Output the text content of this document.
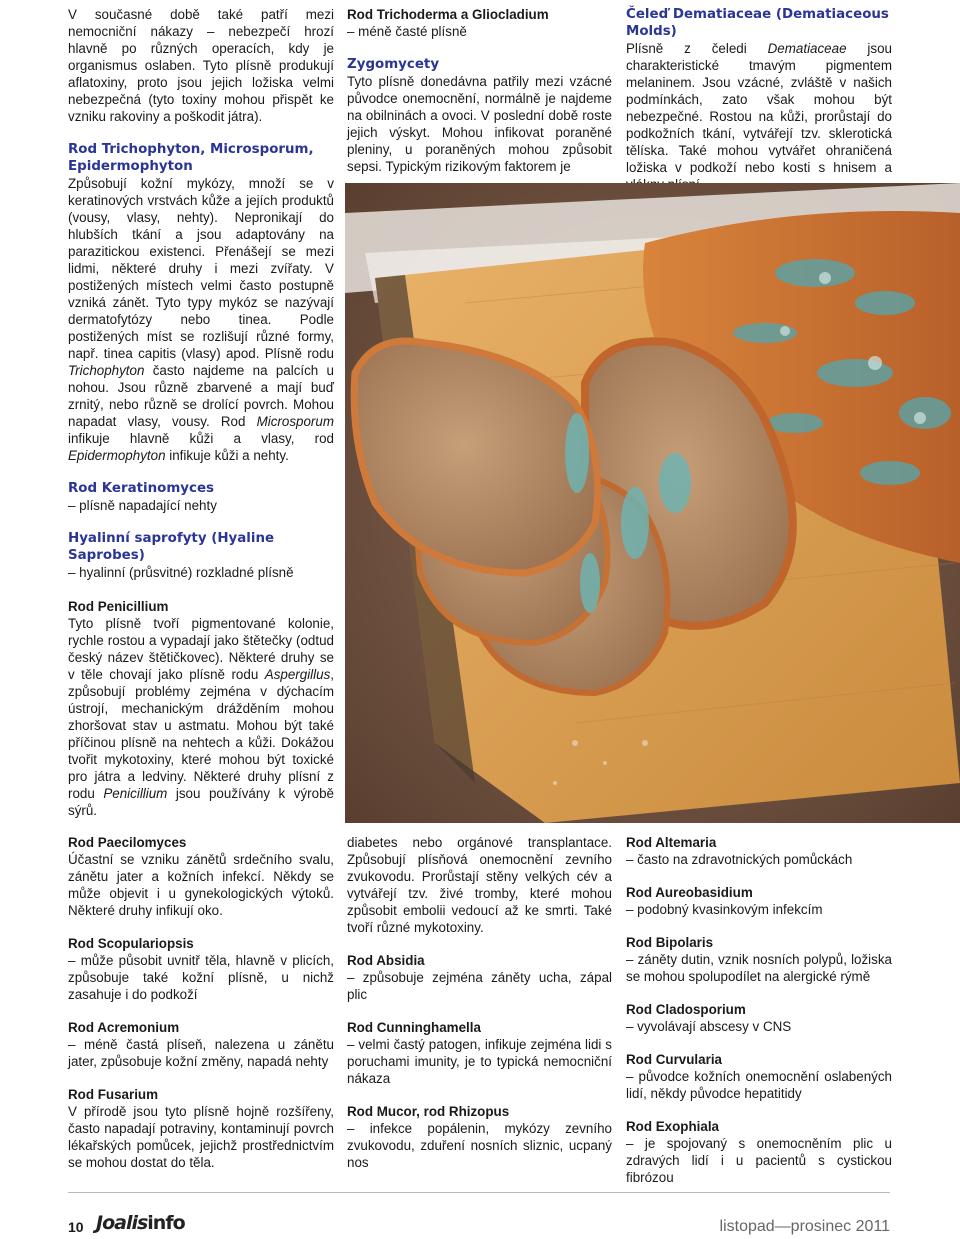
V současné době také patří mezi nemocniční nákazy – nebezpečí hrozí hlavně po různých operacích, kdy je organismus oslaben. Tyto plísně produkují aflatoxiny, proto jsou jejich ložiska velmi nebezpečná (tyto toxiny mohou přispět ke vzniku rakoviny a poškodit játra).

Rod Trichophyton, Microsporum, Epidermophyton

Způsobují kožní mykózy, množí se v keratinových vrstvách kůže a jejích produktů (vousy, vlasy, nehty). Nepronikají do hlubších tkání a jsou adaptovány na parazitickou existenci. Přenášejí se mezi lidmi, některé druhy i mezi zvířaty. V postižených místech velmi často postupně vzniká zánět. Tyto typy mykóz se nazývají dermatofytózy nebo tinea. Podle postižených míst se rozlišují různé formy, např. tinea capitis (vlasy) apod. Plísně rodu Trichophyton často najdeme na palcích u nohou. Jsou různě zbarvené a mají buď zrnitý, nebo různě se drolící povrch. Mohou napadat vlasy, vousy. Rod Microsporum infikuje hlavně kůži a vlasy, rod Epidermophyton infikuje kůži a nehty.

Rod Keratinomyces

– plísně napadající nehty

Hyalinní saprofyty (Hyaline Saprobes)

– hyalinní (průsvitné) rozkladné plísně

Rod Penicillium

Tyto plísně tvoří pigmentované kolonie, rychle rostou a vypadají jako štětečky (odtud český název štětičkovec). Některé druhy se v těle chovají jako plísně rodu Aspergillus, způsobují problémy zejména v dýchacím ústrojí, mechanickým drážděním mohou zhoršovat stav u astmatu. Mohou být také příčinou plísně na nehtech a kůži. Dokážou tvořit mykotoxiny, které mohou být toxické pro játra a ledviny. Některé druhy plísní z rodu Penicillium jsou používány k výrobě sýrů.

Rod Trichoderma a Gliocladium

– méně časté plísně

Zygomycety

Tyto plísně donedávna patřily mezi vzácné původce onemocnění, normálně je najdeme na obilninách a ovoci. V poslední době roste jejich výskyt. Mohou infikovat poraněné pleniny, u poraněných mohou způsobit sepsi. Typickým rizikovým faktorem je

Čeleď Dematiaceae (Dematiaceous Molds)

Plísně z čeledi Dematiaceae jsou charakteristické tmavým pigmentem melaninem. Jsou vzácné, zvláště v našich podmínkách, zato však mohou být nebezpečné. Rostou na kůži, prorůstají do podkožních tkání, vytvářejí tzv. sklerotická tělíska. Také mohou vytvářet ohraničená ložiska v podkoží nebo kosti s hnisem a

Rod Paecilomyces

Účastní se vzniku zánětů srdečního svalu, zánětu jater a kožních infekcí. Někdy se může objevit i u gynekologických výtoků. Některé druhy infikují oko.

Rod Scopulariopsis

– může působit uvnitř těla, hlavně v plicích, způsobuje také kožní plísně, u nichž zasahuje i do podkoží

Rod Acremonium

– méně častá plíseň, nalezena u zánětu jater, způsobuje kožní změny, napadá nehty

Rod Fusarium

V přírodě jsou tyto plísně hojně rozšířeny, často napadají potraviny, kontaminují povrch lékařských pomůcek, jejichž prostřednictvím se mohou dostat do těla.

diabetes nebo orgánové transplantace. Způsobují plísňová onemocnění zevního zvukovodu. Prorůstají stěny velkých cév a vytvářejí tzv. živé tromby, které mohou způsobit embolii vedoucí až ke smrti. Také tvoří různé mykotoxiny.

Rod Absidia

– způsobuje zejména záněty ucha, zápal plic

Rod Cunninghamella

– velmi častý patogen, infikuje zejména lidi s poruchami imunity, je to typická nemocniční nákaza

Rod Mucor, rod Rhizopus

– infekce popálenin, mykózy zevního zvukovodu, zduření nosních sliznic, ucpaný nos

Rod Altemaria

– často na zdravotnických pomůckách

Rod Aureobasidium

– podobný kvasinkovým infekcím

Rod Bipolaris

– záněty dutin, vznik nosních polypů, ložiska se mohou spolupodílet na alergické rýmě

Rod Cladosporium

– vyvolávají abscesy v CNS

Rod Curvularia

– původce kožních onemocnění oslabených lidí, někdy původce hepatitidy

Rod Exophiala

– je spojovaný s onemocněním plic u zdravých lidí i u pacientů s cystickou fibrózou

10 Joalisinfo	listopad—prosinec 2011
